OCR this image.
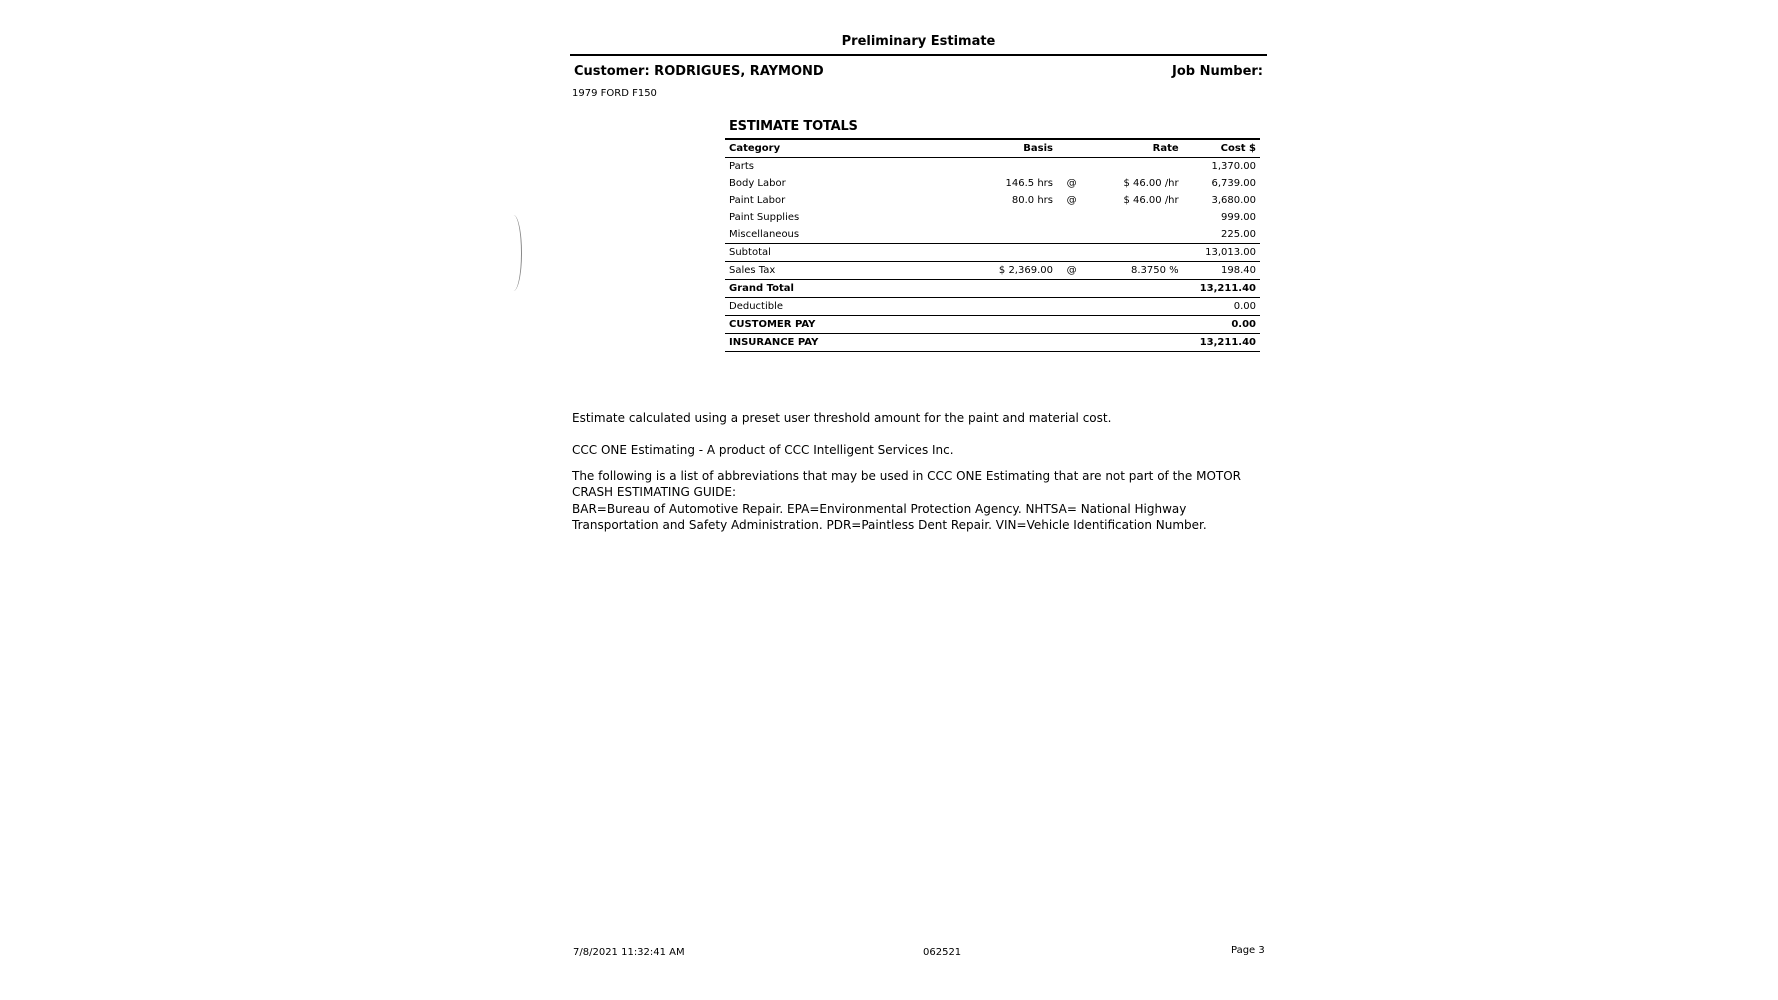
Preliminary Estimate
Customer: RODRIGUES, RAYMOND	Job Number:
1979 FORD F150
ESTIMATE TOTALS
Category	Basis		Rate	Cost $
Parts				1,370.00
Body Labor	146.5 hrs	@	$ 46.00 /hr	6,739.00
Paint Labor	80.0 hrs	@	$ 46.00 /hr	3,680.00
Paint Supplies				999.00
Miscellaneous				225.00
Subtotal				13,013.00
Sales Tax	$ 2,369.00	@	8.3750 %	198.40
Grand Total				13,211.40
Deductible				0.00
CUSTOMER PAY				0.00
INSURANCE PAY				13,211.40
Estimate calculated using a preset user threshold amount for the paint and material cost.
CCC ONE Estimating - A product of CCC Intelligent Services Inc.
The following is a list of abbreviations that may be used in CCC ONE Estimating that are not part of the MOTOR
CRASH ESTIMATING GUIDE:
BAR=Bureau of Automotive Repair. EPA=Environmental Protection Agency. NHTSA= National Highway
Transportation and Safety Administration. PDR=Paintless Dent Repair. VIN=Vehicle Identification Number.
7/8/2021 11:32:41 AM	062521	Page 3
